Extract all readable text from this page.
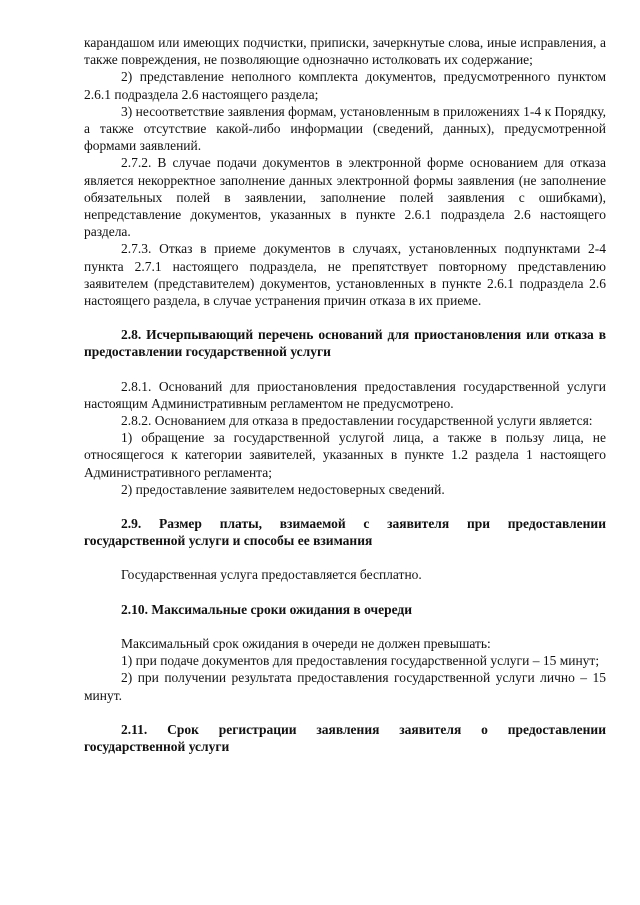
карандашом или имеющих подчистки, приписки, зачеркнутые слова, иные исправления, а также повреждения, не позволяющие однозначно истолковать их содержание;

2) представление неполного комплекта документов, предусмотренного пунктом 2.6.1 подраздела 2.6 настоящего раздела;

3) несоответствие заявления формам, установленным в приложениях 1-4 к Порядку, а также отсутствие какой-либо информации (сведений, данных), предусмотренной формами заявлений.

2.7.2. В случае подачи документов в электронной форме основанием для отказа является некорректное заполнение данных электронной формы заявления (не заполнение обязательных полей в заявлении, заполнение полей заявления с ошибками), непредставление документов, указанных в пункте 2.6.1 подраздела 2.6 настоящего раздела.

2.7.3. Отказ в приеме документов в случаях, установленных подпунктами 2-4 пункта 2.7.1 настоящего подраздела, не препятствует повторному представлению заявителем (представителем) документов, установленных в пункте 2.6.1 подраздела 2.6 настоящего раздела, в случае устранения причин отказа в их приеме.

2.8. Исчерпывающий перечень оснований для приостановления или отказа в предоставлении государственной услуги

2.8.1. Оснований для приостановления предоставления государственной услуги настоящим Административным регламентом не предусмотрено.

2.8.2. Основанием для отказа в предоставлении государственной услуги является:

1) обращение за государственной услугой лица, а также в пользу лица, не относящегося к категории заявителей, указанных в пункте 1.2 раздела 1 настоящего Административного регламента;

2) предоставление заявителем недостоверных сведений.

2.9. Размер платы, взимаемой с заявителя при предоставлении государственной услуги и способы ее взимания

Государственная услуга предоставляется бесплатно.

2.10. Максимальные сроки ожидания в очереди

Максимальный срок ожидания в очереди не должен превышать:

1) при подаче документов для предоставления государственной услуги – 15 минут;

2) при получении результата предоставления государственной услуги лично – 15 минут.

2.11. Срок регистрации заявления заявителя о предоставлении государственной услуги
